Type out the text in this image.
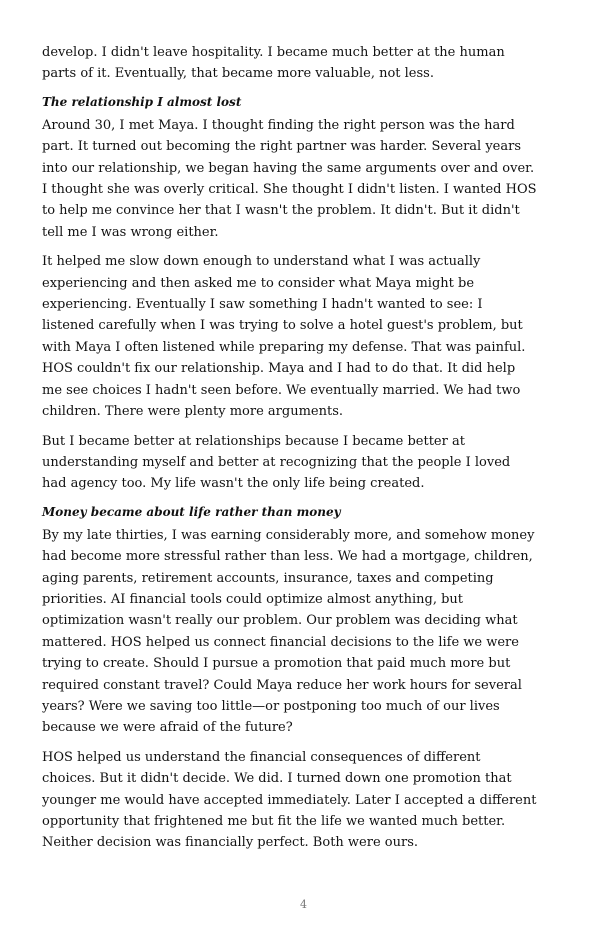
develop. I didn't leave hospitality. I became much better at the human parts of it. Eventually, that became more valuable, not less.

The relationship I almost lost

Around 30, I met Maya. I thought finding the right person was the hard part. It turned out becoming the right partner was harder. Several years into our relationship, we began having the same arguments over and over. I thought she was overly critical. She thought I didn't listen. I wanted HOS to help me convince her that I wasn't the problem. It didn't. But it didn't tell me I was wrong either.

It helped me slow down enough to understand what I was actually experiencing and then asked me to consider what Maya might be experiencing. Eventually I saw something I hadn't wanted to see: I listened carefully when I was trying to solve a hotel guest's problem, but with Maya I often listened while preparing my defense. That was painful. HOS couldn't fix our relationship. Maya and I had to do that. It did help me see choices I hadn't seen before. We eventually married. We had two children. There were plenty more arguments.

But I became better at relationships because I became better at understanding myself and better at recognizing that the people I loved had agency too. My life wasn't the only life being created.

Money became about life rather than money

By my late thirties, I was earning considerably more, and somehow money had become more stressful rather than less. We had a mortgage, children, aging parents, retirement accounts, insurance, taxes and competing priorities. AI financial tools could optimize almost anything, but optimization wasn't really our problem. Our problem was deciding what mattered. HOS helped us connect financial decisions to the life we were trying to create. Should I pursue a promotion that paid much more but required constant travel? Could Maya reduce her work hours for several years? Were we saving too little—or postponing too much of our lives because we were afraid of the future?

HOS helped us understand the financial consequences of different choices. But it didn't decide. We did. I turned down one promotion that younger me would have accepted immediately. Later I accepted a different opportunity that frightened me but fit the life we wanted much better. Neither decision was financially perfect. Both were ours.

4
